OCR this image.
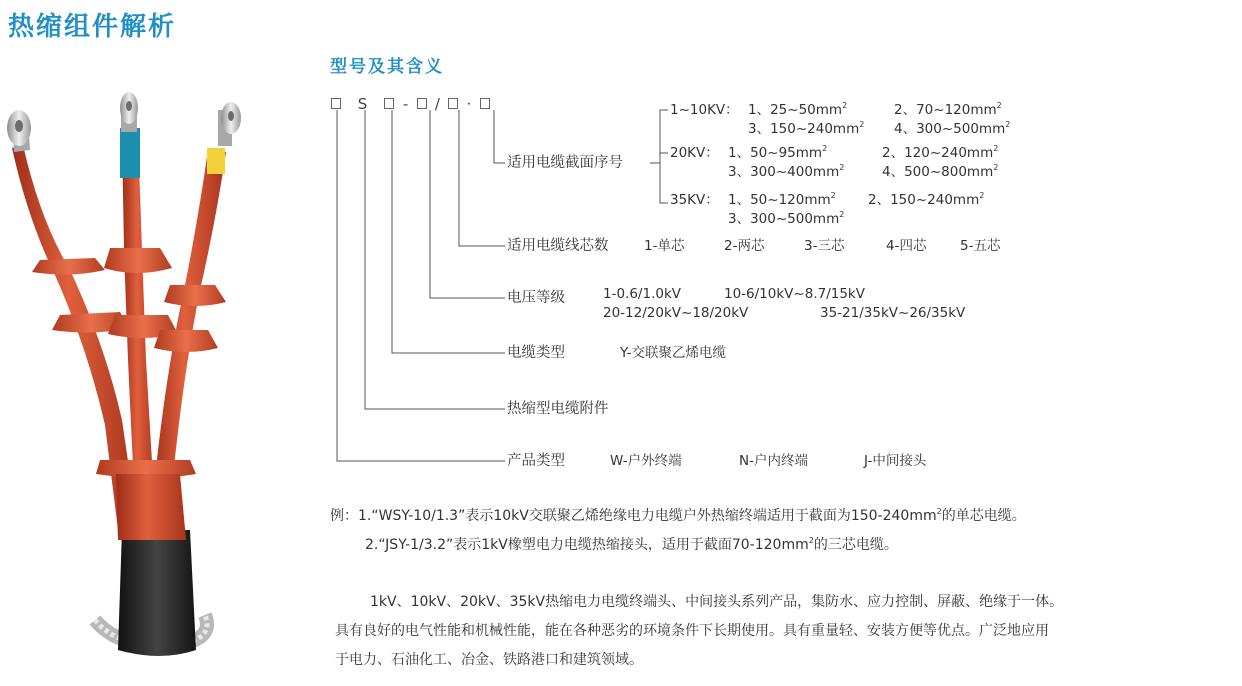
热缩组件解析
型号及其含义
S - / ·
适用电缆截面序号
1~10KV： 1、$25\sim 50mm^2$	2、$70\sim 120mm^2$
3、$150\sim 240mm^2$ 4、$300\sim 500mm^2$
20KV： 1、$50\sim 95mm^2$	2、$120\sim 240mm^2$
3、$300\sim 400mm^2$	4、$500\sim 800mm^2$
35KV： 1、$50\sim 120mm^2$ 2、$150\sim 240mm^2$
3、$300\sim 500mm^2$
适用电缆线芯数	1-单芯	2-两芯	3-三芯	4-四芯 5-五芯
电压等级	1-0.6/1.0kV	10-6/10kV~8.7/15kV
20-12/20kV~18/20kV	35-21/35kV~26/35kV
电缆类型	Y-交联聚乙烯电缆
热缩型电缆附件
产品类型	W-户外终端	N-户内终端	J-中间接头
例：1.“WSY-10/1.3”表示10kV交联聚乙烯绝缘电力电缆户外热缩终端适用于截面为$150-240mm^2$的单芯电缆。
2.“JSY-1/3.2”表示1kV橡塑电力电缆热缩接头，适用于截面$70-120mm^2$的三芯电缆。
1kV、10kV、20kV、35kV热缩电力电缆终端头、中间接头系列产品，集防水、应力控制、屏蔽、绝缘于一体。
具有良好的电气性能和机械性能，能在各种恶劣的环境条件下长期使用。具有重量轻、安装方便等优点。广泛地应用
于电力、石油化工、冶金、铁路港口和建筑领域。
